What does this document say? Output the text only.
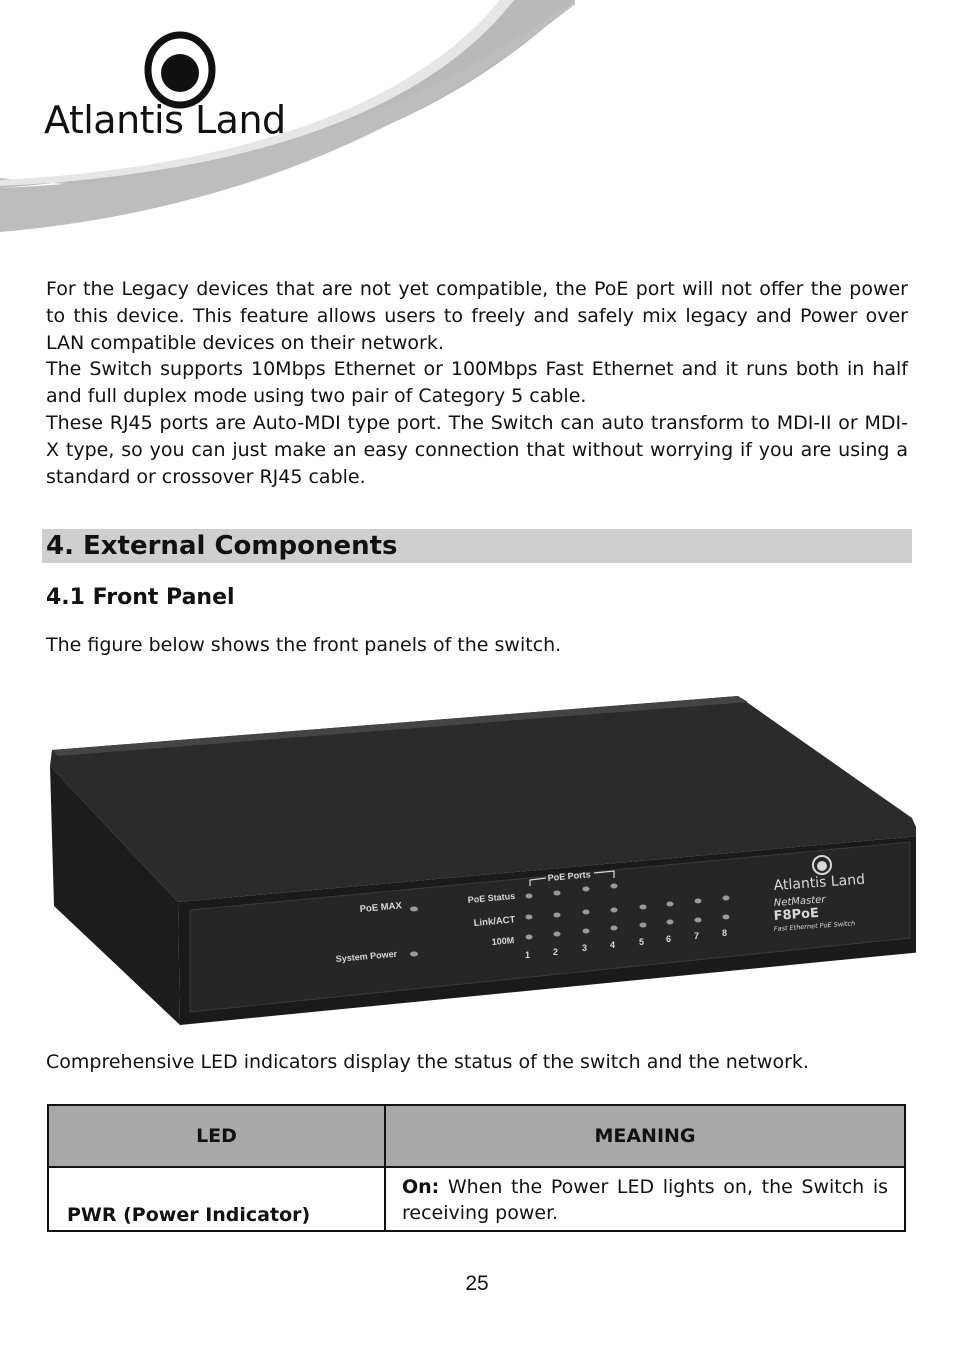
Atlantis Land

For the Legacy devices that are not yet compatible, the PoE port will not offer the power to this device. This feature allows users to freely and safely mix legacy and Power over LAN compatible devices on their network.

The Switch supports 10Mbps Ethernet or 100Mbps Fast Ethernet and it runs both in half and full duplex mode using two pair of Category 5 cable.

These RJ45 ports are Auto-MDI type port. The Switch can auto transform to MDI-II or MDI-X type, so you can just make an easy connection that without worrying if you are using a standard or crossover RJ45 cable.

4. External Components
4.1 Front Panel

The figure below shows the front panels of the switch.

PoE MAX
System Power
PoE Status
Link/ACT
100M
PoE Ports
1	2	3	4	5 6	7	8
Atlantis Land
NetMaster
F8PoE
Fast Ethernet PoE Switch

Comprehensive LED indicators display the status of the switch and the network.

LED	MEANING
PWR (Power Indicator)	On: When the Power LED lights on, the Switch is receiving power.
25
